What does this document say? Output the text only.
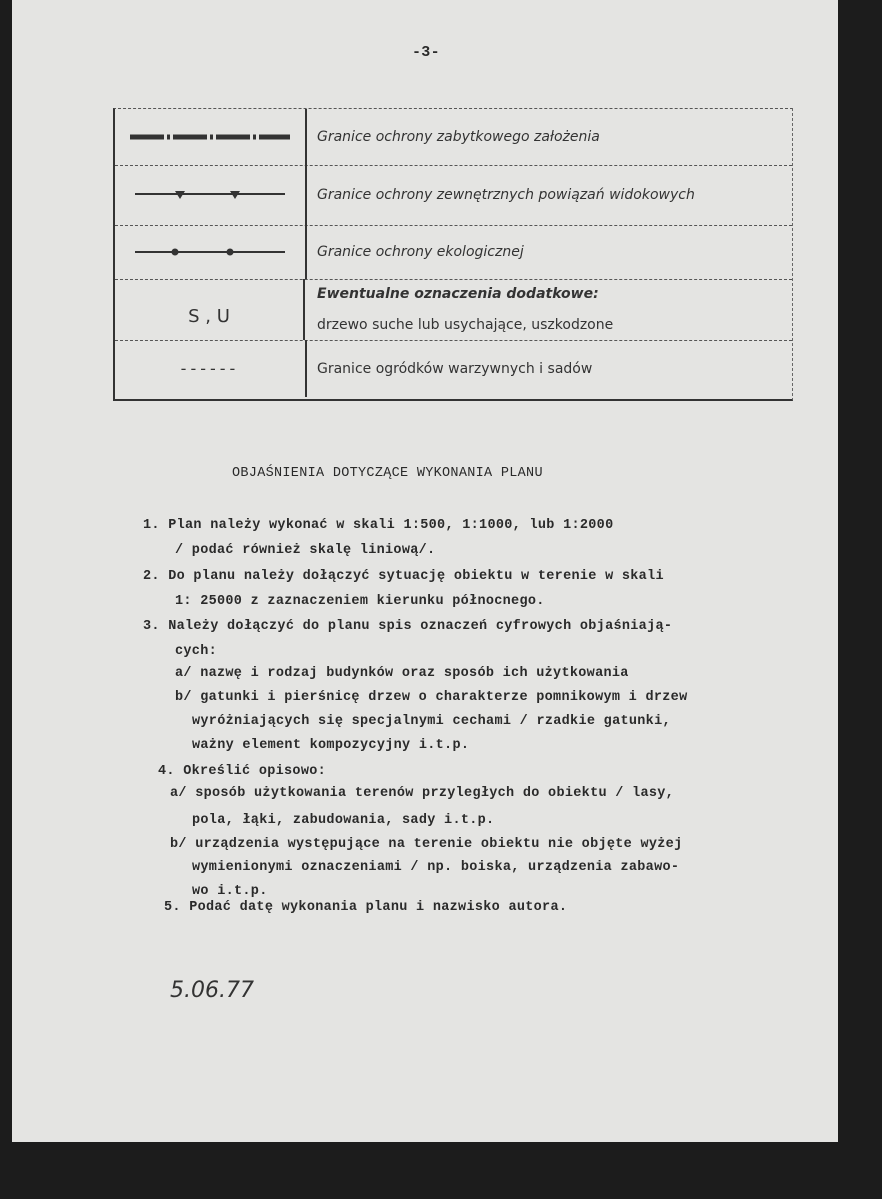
-3-
Granice ochrony zabytkowego założenia
Granice ochrony zewnętrznych powiązań widokowych
Granice ochrony ekologicznej
S , U
Ewentualne oznaczenia dodatkowe:
drzewo suche lub usychające, uszkodzone
------	Granice ogródków warzywnych i sadów
OBJAŚNIENIA DOTYCZĄCE WYKONANIA PLANU
1. Plan należy wykonać w skali 1:500, 1:1000, lub 1:2000
/ podać również skalę liniową/.
2. Do planu należy dołączyć sytuację obiektu w terenie w skali
1: 25000 z zaznaczeniem kierunku północnego.
3. Należy dołączyć do planu spis oznaczeń cyfrowych objaśniają-
cych:
a/ nazwę i rodzaj budynków oraz sposób ich użytkowania
b/ gatunki i pierśnicę drzew o charakterze pomnikowym i drzew
wyróżniających się specjalnymi cechami / rzadkie gatunki,
ważny element kompozycyjny i.t.p.
4. Określić opisowo:
a/ sposób użytkowania terenów przyległych do obiektu / lasy,
pola, łąki, zabudowania, sady i.t.p.
b/ urządzenia występujące na terenie obiektu nie objęte wyżej
wymienionymi oznaczeniami / np. boiska, urządzenia zabawo-
wo i.t.p.
5. Podać datę wykonania planu i nazwisko autora.
5.06.77
